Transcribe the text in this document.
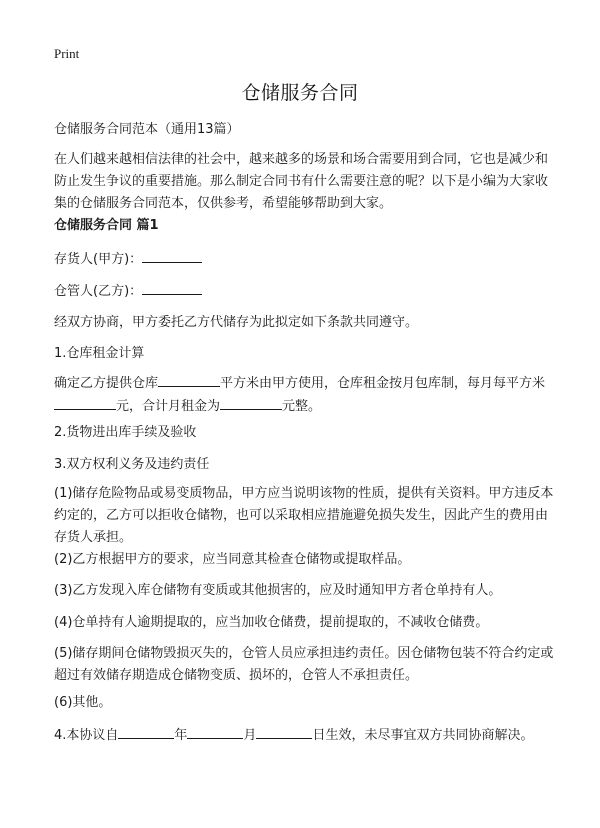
Print
仓储服务合同

仓储服务合同范本（通用13篇）

在人们越来越相信法律的社会中，越来越多的场景和场合需要用到合同，它也是减少和防止发生争议的重要措施。那么制定合同书有什么需要注意的呢？以下是小编为大家收集的仓储服务合同范本，仅供参考，希望能够帮助到大家。

仓储服务合同 篇1

存货人(甲方)：

仓管人(乙方)：

经双方协商，甲方委托乙方代储存为此拟定如下条款共同遵守。

1.仓库租金计算

确定乙方提供仓库	平方米由甲方使用，仓库租金按月包库制，每月每平方米元，合计月租金为	元整。

2.货物进出库手续及验收

3.双方权利义务及违约责任

(1)储存危险物品或易变质物品，甲方应当说明该物的性质，提供有关资料。甲方违反本约定的，乙方可以拒收仓储物，也可以采取相应措施避免损失发生，因此产生的费用由存货人承担。

(2)乙方根据甲方的要求，应当同意其检查仓储物或提取样品。

(3)乙方发现入库仓储物有变质或其他损害的，应及时通知甲方者仓单持有人。

(4)仓单持有人逾期提取的，应当加收仓储费，提前提取的，不减收仓储费。

(5)储存期间仓储物毁损灭失的，仓管人员应承担违约责任。因仓储物包装不符合约定或超过有效储存期造成仓储物变质、损坏的，仓管人不承担责任。

(6)其他。

4.本协议自	年	月	日生效，未尽事宜双方共同协商解决。
